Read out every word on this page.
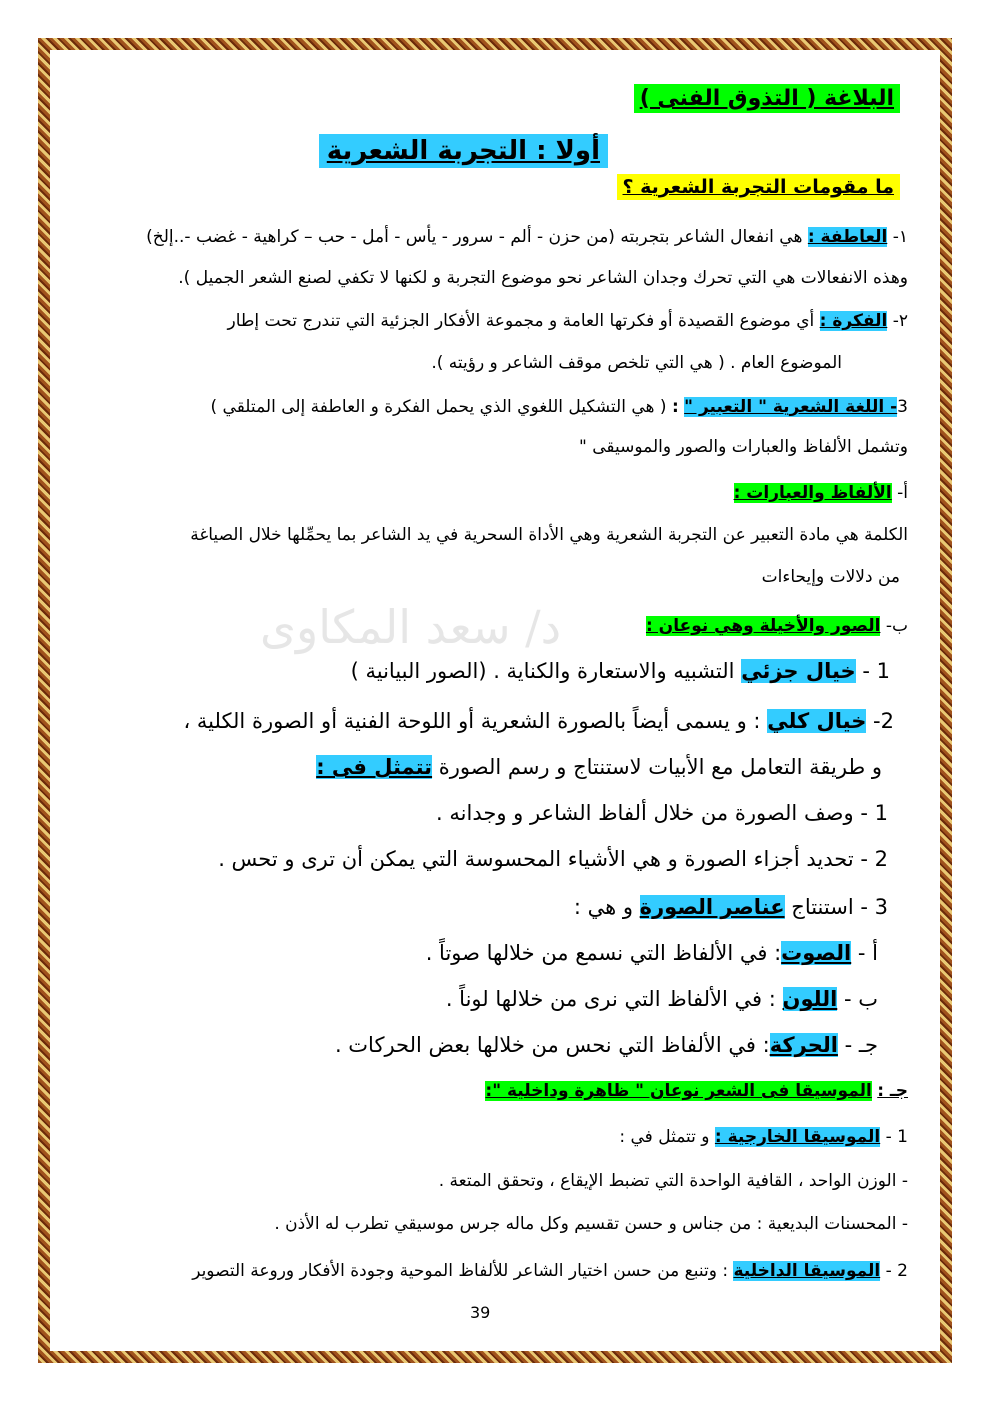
د/ سعد المكاوى
البلاغة ( التذوق الفنى )
أولا : التجربة الشعرية
ما مقومات التجربة الشعرية ؟
١- العاطفة : هي انفعال الشاعر بتجربته (من حزن - ألم - سرور - يأس - أمل - حب – كراهية - غضب -..إلخ)
وهذه الانفعالات هي التي تحرك وجدان الشاعر نحو موضوع التجربة و لكنها لا تكفي لصنع الشعر الجميل ).
٢- الفكرة : أي موضوع القصيدة أو فكرتها العامة و مجموعة الأفكار الجزئية التي تندرج تحت إطار
الموضوع العام . ( هي التي تلخص موقف الشاعر و رؤيته ).
3- اللغة الشعرية " التعبير " : ( هي التشكيل اللغوي الذي يحمل الفكرة و العاطفة إلى المتلقي )
وتشمل الألفاظ والعبارات والصور والموسيقى "
أ- الألفاظ والعبارات :
الكلمة هي مادة التعبير عن التجربة الشعرية وهي الأداة السحرية في يد الشاعر بما يحمِّلها خلال الصياغة
من دلالات وإيحاءات
ب- الصور والأخيلة وهي نوعان :
1 - خيال جزئي التشبيه والاستعارة والكناية . (الصور البيانية )
2- خيال كلي : و يسمى أيضاً بالصورة الشعرية أو اللوحة الفنية أو الصورة الكلية ،
و طريقة التعامل مع الأبيات لاستنتاج و رسم الصورة تتمثل فى :
1 - وصف الصورة من خلال ألفاظ الشاعر و وجدانه .
2 - تحديد أجزاء الصورة و هي الأشياء المحسوسة التي يمكن أن ترى و تحس .
3 - استنتاج عناصر الصورة و هي :
أ - الصوت: في الألفاظ التي نسمع من خلالها صوتاً .
ب - اللون : في الألفاظ التي نرى من خلالها لوناً .
جـ - الحركة: في الألفاظ التي نحس من خلالها بعض الحركات .
جـ : الموسيقا فى الشعر نوعان " ظاهرة وداخلية ":
1 - الموسيقا الخارجية : و تتمثل في :
- الوزن الواحد ، القافية الواحدة التي تضبط الإيقاع ، وتحقق المتعة .
- المحسنات البديعية : من جناس و حسن تقسيم وكل ماله جرس موسيقي تطرب له الأذن .
2 - الموسيقا الداخلية : وتنبع من حسن اختيار الشاعر للألفاظ الموحية وجودة الأفكار وروعة التصوير
39
